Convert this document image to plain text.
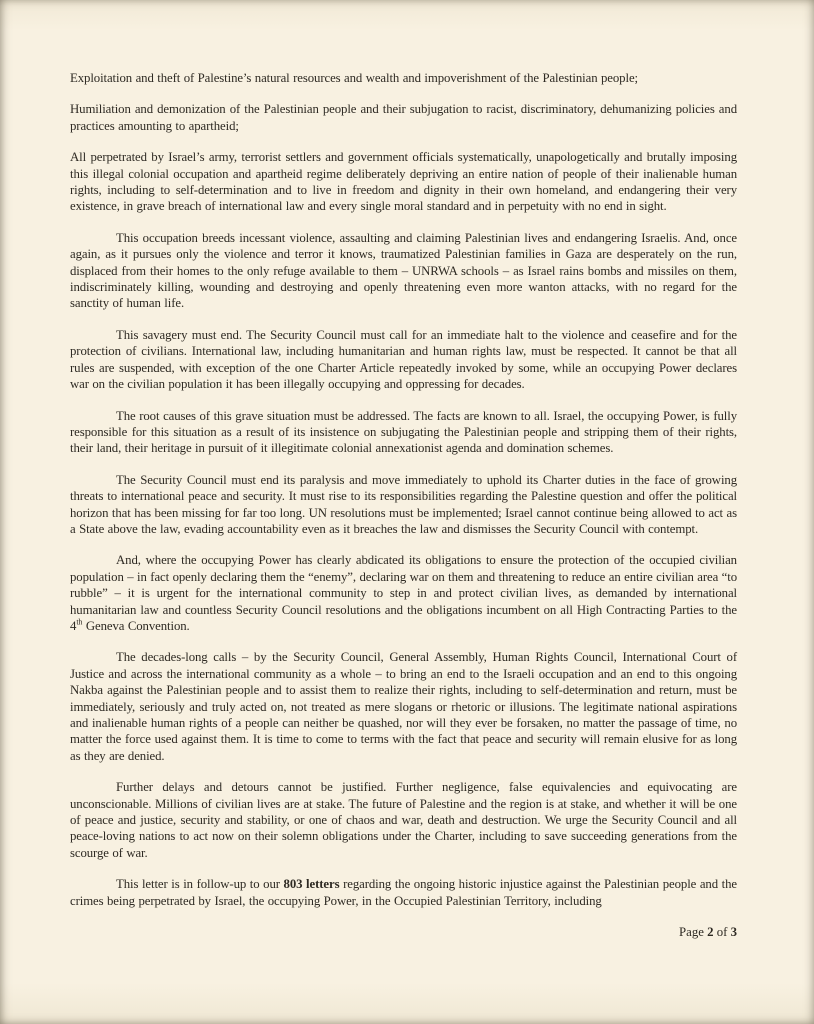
Exploitation and theft of Palestine’s natural resources and wealth and impoverishment of the Palestinian people;

Humiliation and demonization of the Palestinian people and their subjugation to racist, discriminatory, dehumanizing policies and practices amounting to apartheid;

All perpetrated by Israel’s army, terrorist settlers and government officials systematically, unapologetically and brutally imposing this illegal colonial occupation and apartheid regime deliberately depriving an entire nation of people of their inalienable human rights, including to self-determination and to live in freedom and dignity in their own homeland, and endangering their very existence, in grave breach of international law and every single moral standard and in perpetuity with no end in sight.

This occupation breeds incessant violence, assaulting and claiming Palestinian lives and endangering Israelis. And, once again, as it pursues only the violence and terror it knows, traumatized Palestinian families in Gaza are desperately on the run, displaced from their homes to the only refuge available to them – UNRWA schools – as Israel rains bombs and missiles on them, indiscriminately killing, wounding and destroying and openly threatening even more wanton attacks, with no regard for the sanctity of human life.

This savagery must end. The Security Council must call for an immediate halt to the violence and ceasefire and for the protection of civilians. International law, including humanitarian and human rights law, must be respected. It cannot be that all rules are suspended, with exception of the one Charter Article repeatedly invoked by some, while an occupying Power declares war on the civilian population it has been illegally occupying and oppressing for decades.

The root causes of this grave situation must be addressed. The facts are known to all. Israel, the occupying Power, is fully responsible for this situation as a result of its insistence on subjugating the Palestinian people and stripping them of their rights, their land, their heritage in pursuit of it illegitimate colonial annexationist agenda and domination schemes.

The Security Council must end its paralysis and move immediately to uphold its Charter duties in the face of growing threats to international peace and security. It must rise to its responsibilities regarding the Palestine question and offer the political horizon that has been missing for far too long. UN resolutions must be implemented; Israel cannot continue being allowed to act as a State above the law, evading accountability even as it breaches the law and dismisses the Security Council with contempt.

And, where the occupying Power has clearly abdicated its obligations to ensure the protection of the occupied civilian population – in fact openly declaring them the “enemy”, declaring war on them and threatening to reduce an entire civilian area “to rubble” – it is urgent for the international community to step in and protect civilian lives, as demanded by international humanitarian law and countless Security Council resolutions and the obligations incumbent on all High Contracting Parties to the 4th Geneva Convention.

The decades-long calls – by the Security Council, General Assembly, Human Rights Council, International Court of Justice and across the international community as a whole – to bring an end to the Israeli occupation and an end to this ongoing Nakba against the Palestinian people and to assist them to realize their rights, including to self-determination and return, must be immediately, seriously and truly acted on, not treated as mere slogans or rhetoric or illusions. The legitimate national aspirations and inalienable human rights of a people can neither be quashed, nor will they ever be forsaken, no matter the passage of time, no matter the force used against them. It is time to come to terms with the fact that peace and security will remain elusive for as long as they are denied.

Further delays and detours cannot be justified. Further negligence, false equivalencies and equivocating are unconscionable. Millions of civilian lives are at stake. The future of Palestine and the region is at stake, and whether it will be one of peace and justice, security and stability, or one of chaos and war, death and destruction. We urge the Security Council and all peace-loving nations to act now on their solemn obligations under the Charter, including to save succeeding generations from the scourge of war.

This letter is in follow-up to our 803 letters regarding the ongoing historic injustice against the Palestinian people and the crimes being perpetrated by Israel, the occupying Power, in the Occupied Palestinian Territory, including

Page 2 of 3
